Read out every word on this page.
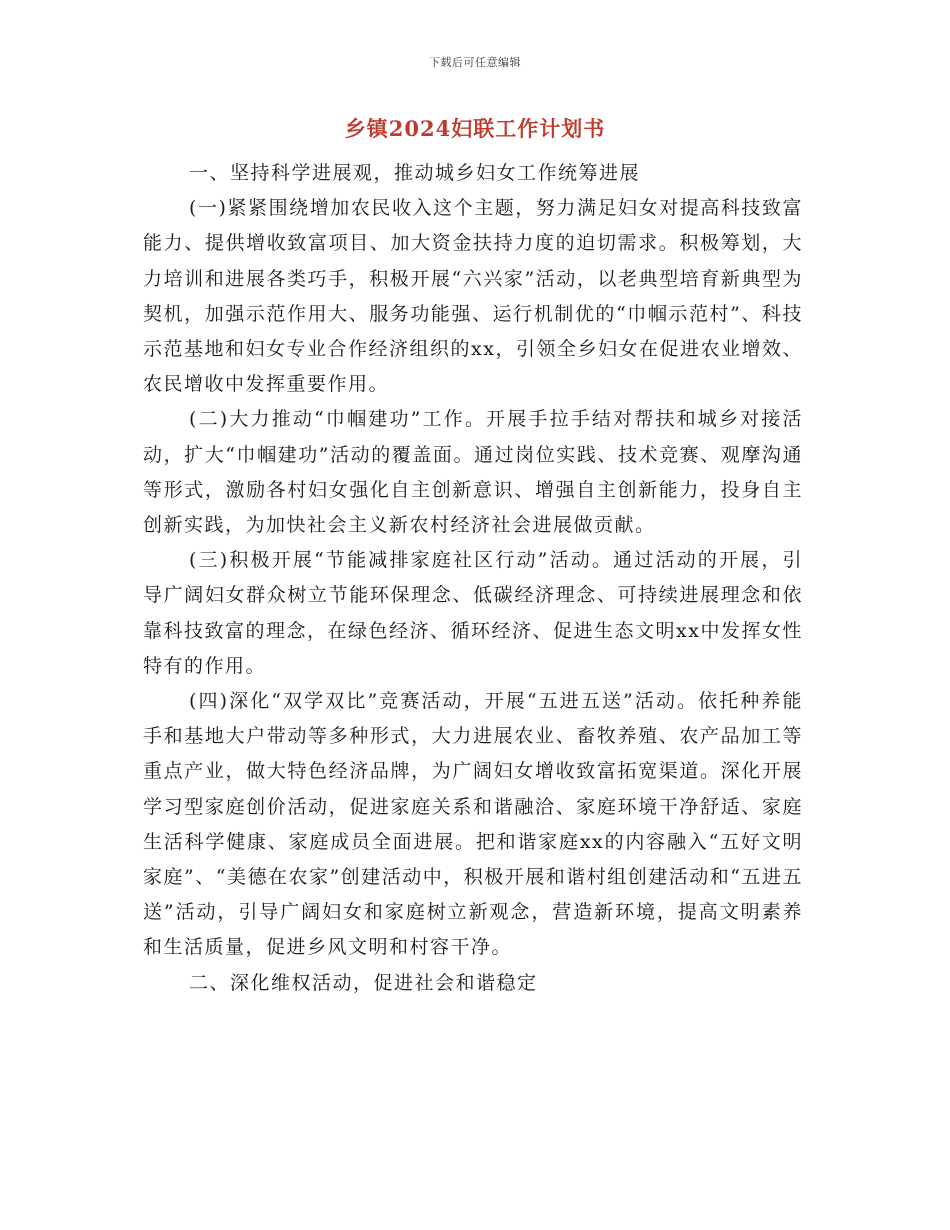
下载后可任意编辑
乡镇2024妇联工作计划书

一、坚持科学进展观，推动城乡妇女工作统筹进展

(一)紧紧围绕增加农民收入这个主题，努力满足妇女对提高科技致富能力、提供增收致富项目、加大资金扶持力度的迫切需求。积极筹划，大力培训和进展各类巧手，积极开展“六兴家”活动，以老典型培育新典型为契机，加强示范作用大、服务功能强、运行机制优的“巾帼示范村”、科技示范基地和妇女专业合作经济组织的xx，引领全乡妇女在促进农业增效、农民增收中发挥重要作用。

(二)大力推动“巾帼建功”工作。开展手拉手结对帮扶和城乡对接活动，扩大“巾帼建功”活动的覆盖面。通过岗位实践、技术竞赛、观摩沟通等形式，激励各村妇女强化自主创新意识、增强自主创新能力，投身自主创新实践，为加快社会主义新农村经济社会进展做贡献。

(三)积极开展“节能减排家庭社区行动”活动。通过活动的开展，引导广阔妇女群众树立节能环保理念、低碳经济理念、可持续进展理念和依靠科技致富的理念，在绿色经济、循环经济、促进生态文明xx中发挥女性特有的作用。

(四)深化“双学双比”竞赛活动，开展“五进五送”活动。依托种养能手和基地大户带动等多种形式，大力进展农业、畜牧养殖、农产品加工等重点产业，做大特色经济品牌，为广阔妇女增收致富拓宽渠道。深化开展学习型家庭创价活动，促进家庭关系和谐融洽、家庭环境干净舒适、家庭生活科学健康、家庭成员全面进展。把和谐家庭xx的内容融入“五好文明家庭”、“美德在农家”创建活动中，积极开展和谐村组创建活动和“五进五送”活动，引导广阔妇女和家庭树立新观念，营造新环境，提高文明素养和生活质量，促进乡风文明和村容干净。

二、深化维权活动，促进社会和谐稳定
